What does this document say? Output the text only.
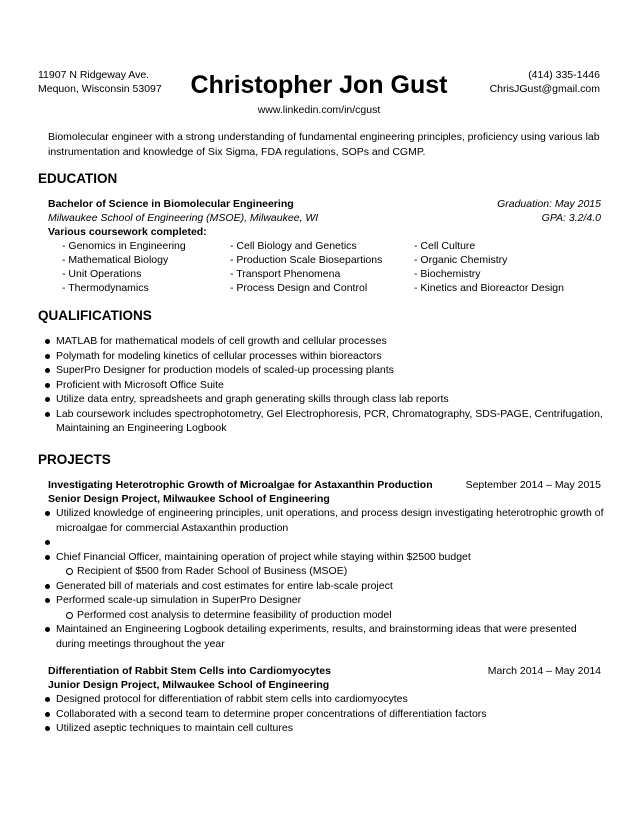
11907 N Ridgeway Ave.
Mequon, Wisconsin 53097	Christopher Jon Gust	(414) 335-1446
ChrisJGust@gmail.com
www.linkedin.com/in/cgust
Biomolecular engineer with a strong understanding of fundamental engineering principles, proficiency using various lab instrumentation and knowledge of Six Sigma, FDA regulations, SOPs and CGMP.
EDUCATION
Bachelor of Science in Biomolecular Engineering	Graduation: May 2015
Milwaukee School of Engineering (MSOE), Milwaukee, WI	GPA: 3.2/4.0
Various coursework completed:
- Genomics in Engineering	- Cell Biology and Genetics	- Cell Culture
- Mathematical Biology	- Production Scale Biosepartions	- Organic Chemistry
- Unit Operations	- Transport Phenomena	- Biochemistry
- Thermodynamics	- Process Design and Control	- Kinetics and Bioreactor Design
QUALIFICATIONS
MATLAB for mathematical models of cell growth and cellular processes
Polymath for modeling kinetics of cellular processes within bioreactors
SuperPro Designer for production models of scaled-up processing plants
Proficient with Microsoft Office Suite
Utilize data entry, spreadsheets and graph generating skills through class lab reports
Lab coursework includes spectrophotometry, Gel Electrophoresis, PCR, Chromatography, SDS-PAGE, Centrifugation, Maintaining an Engineering Logbook
PROJECTS
Investigating Heterotrophic Growth of Microalgae for Astaxanthin Production	September 2014 – May 2015
Senior Design Project, Milwaukee School of Engineering
Utilized knowledge of engineering principles, unit operations, and process design investigating heterotrophic growth of microalgae for commercial Astaxanthin production
Chief Financial Officer, maintaining operation of project while staying within $2500 budget
Recipient of $500 from Rader School of Business (MSOE)
Generated bill of materials and cost estimates for entire lab-scale project
Performed scale-up simulation in SuperPro Designer
Performed cost analysis to determine feasibility of production model
Maintained an Engineering Logbook detailing experiments, results, and brainstorming ideas that were presented during meetings throughout the year
Differentiation of Rabbit Stem Cells into Cardiomyocytes	March 2014 – May 2014
Junior Design Project, Milwaukee School of Engineering
Designed protocol for differentiation of rabbit stem cells into cardiomyocytes
Collaborated with a second team to determine proper concentrations of differentiation factors
Utilized aseptic techniques to maintain cell cultures
